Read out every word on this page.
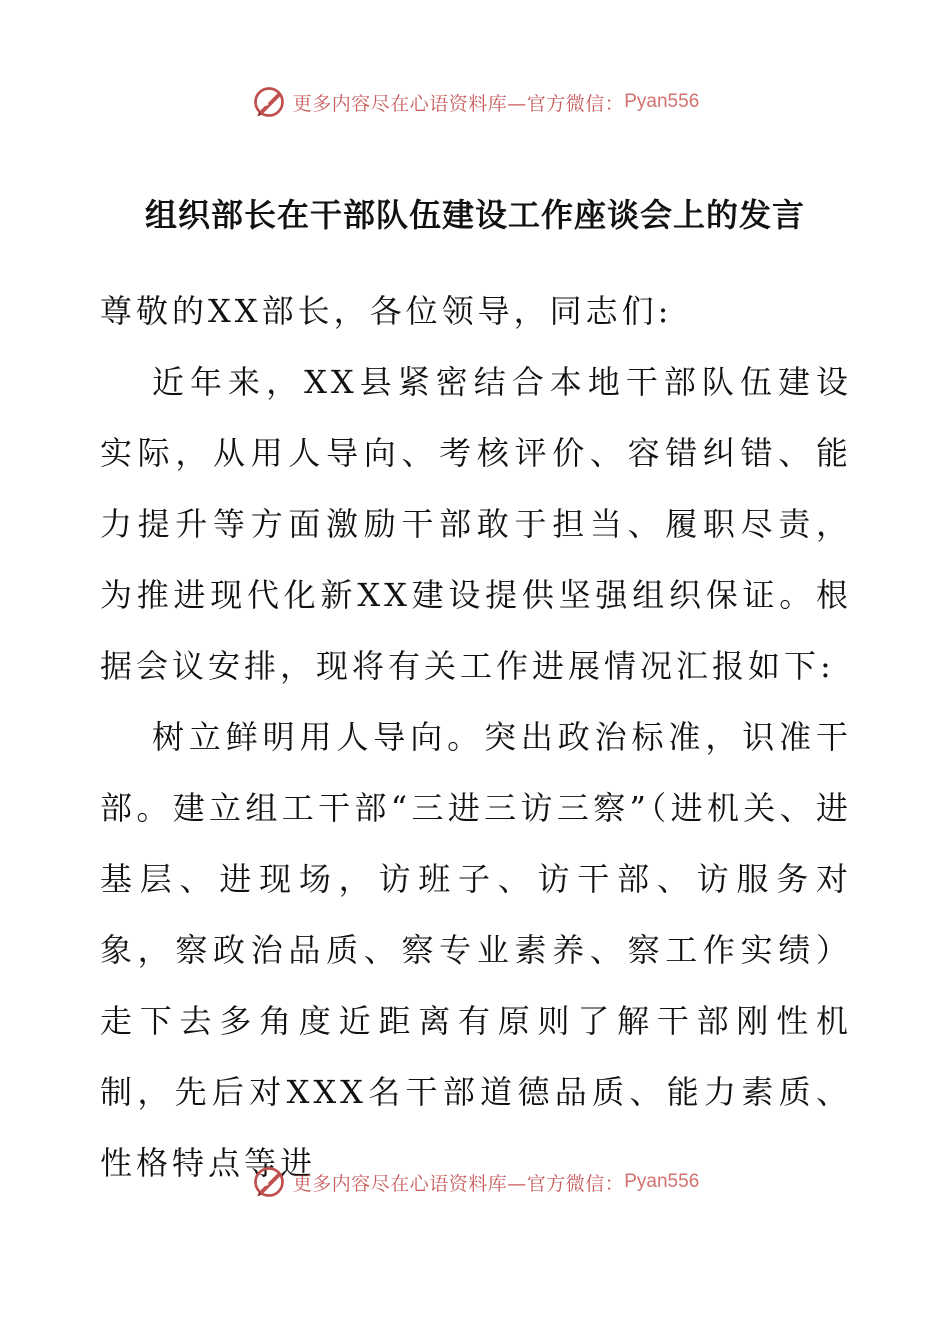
更多内容尽在心语资料库—官方微信： Pyan556
组织部长在干部队伍建设工作座谈会上的发言

尊敬的XX部长，各位领导，同志们:

近年来，XX县紧密结合本地干部队伍建设实际，从用人导向、考核评价、容错纠错、能力提升等方面激励干部敢于担当、履职尽责，为推进现代化新XX建设提供坚强组织保证。根据会议安排，现将有关工作进展情况汇报如下:

树立鲜明用人导向。突出政治标准，识准干部。建立组工干部“三进三访三察”（进机关、进基层、进现场，访班子、访干部、访服务对象，察政治品质、察专业素养、察工作实绩）走下去多角度近距离有原则了解干部刚性机制，先后对XXX名干部道德品质、能力素质、性格特点等进

更多内容尽在心语资料库—官方微信： Pyan556
